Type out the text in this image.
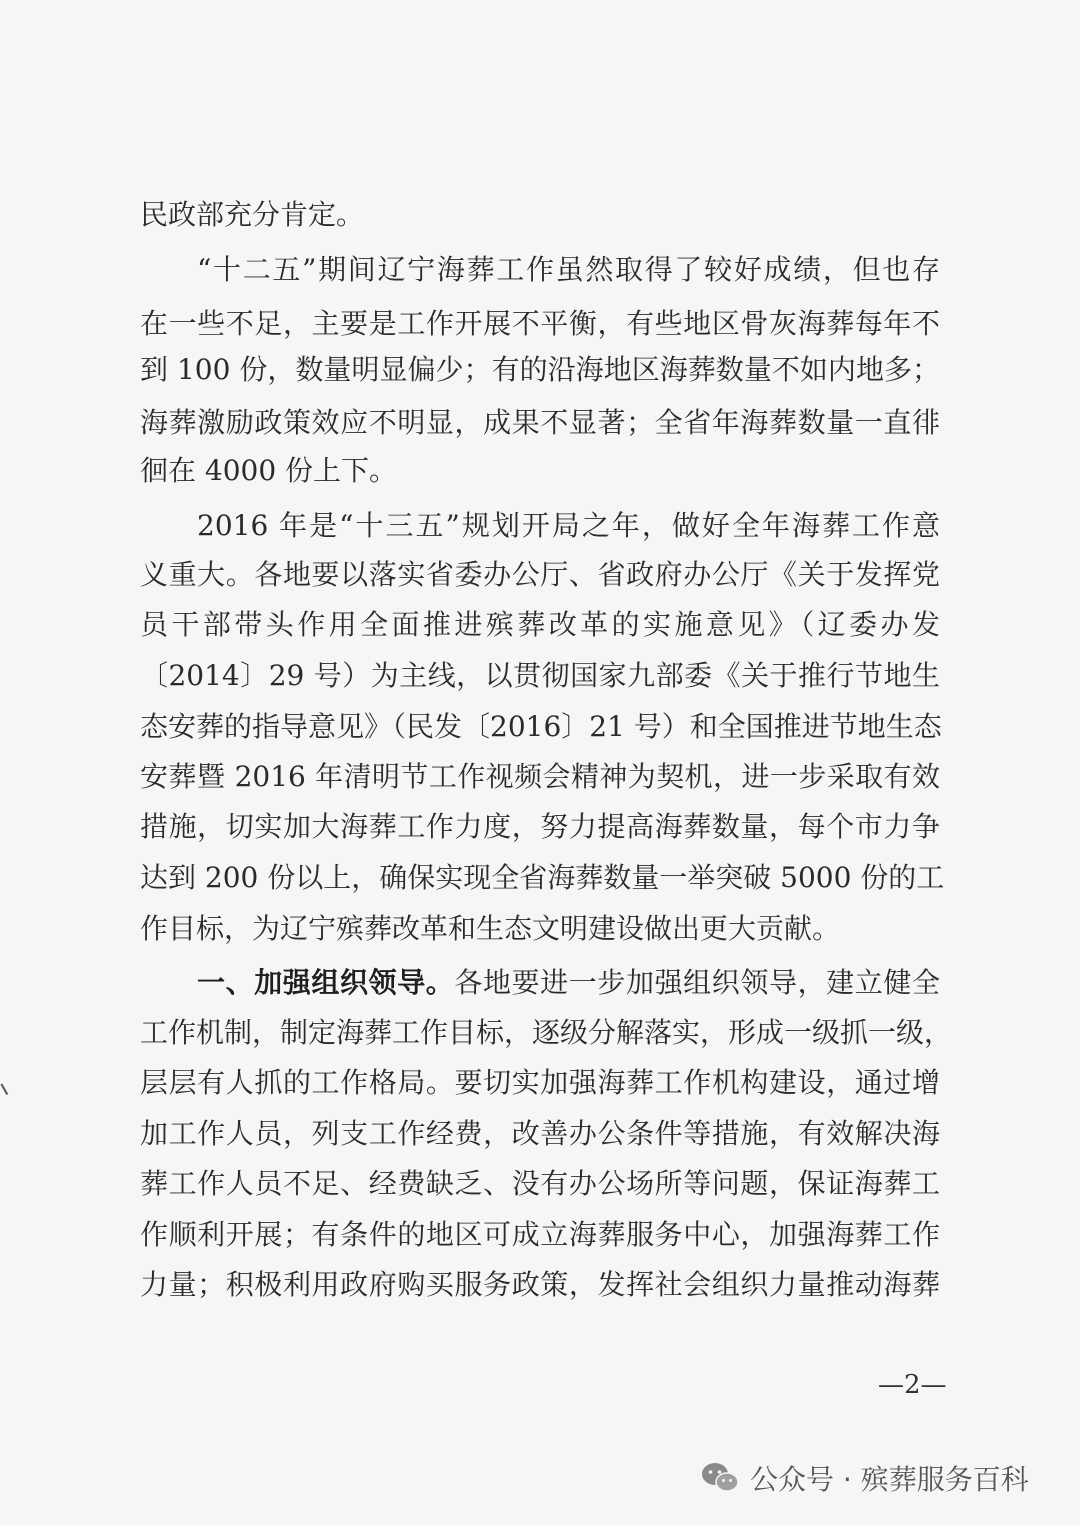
民政部充分肯定。
“十二五”期间辽宁海葬工作虽然取得了较好成绩，但也存
在一些不足，主要是工作开展不平衡，有些地区骨灰海葬每年不
到 100 份，数量明显偏少；有的沿海地区海葬数量不如内地多；
海葬激励政策效应不明显，成果不显著；全省年海葬数量一直徘
徊在 4000 份上下。
2016 年是“十三五”规划开局之年，做好全年海葬工作意
义重大。各地要以落实省委办公厅、省政府办公厅《关于发挥党
员干部带头作用全面推进殡葬改革的实施意见》（辽委办发
〔2014〕29 号）为主线，以贯彻国家九部委《关于推行节地生
态安葬的指导意见》（民发〔2016〕21 号）和全国推进节地生态
安葬暨 2016 年清明节工作视频会精神为契机，进一步采取有效
措施，切实加大海葬工作力度，努力提高海葬数量，每个市力争
达到 200 份以上，确保实现全省海葬数量一举突破 5000 份的工
作目标，为辽宁殡葬改革和生态文明建设做出更大贡献。
一、加强组织领导。各地要进一步加强组织领导，建立健全
工作机制，制定海葬工作目标，逐级分解落实，形成一级抓一级，
层层有人抓的工作格局。要切实加强海葬工作机构建设，通过增
加工作人员，列支工作经费，改善办公条件等措施，有效解决海
葬工作人员不足、经费缺乏、没有办公场所等问题，保证海葬工
作顺利开展；有条件的地区可成立海葬服务中心，加强海葬工作
力量；积极利用政府购买服务政策，发挥社会组织力量推动海葬
—2—
公众号 · 殡葬服务百科
